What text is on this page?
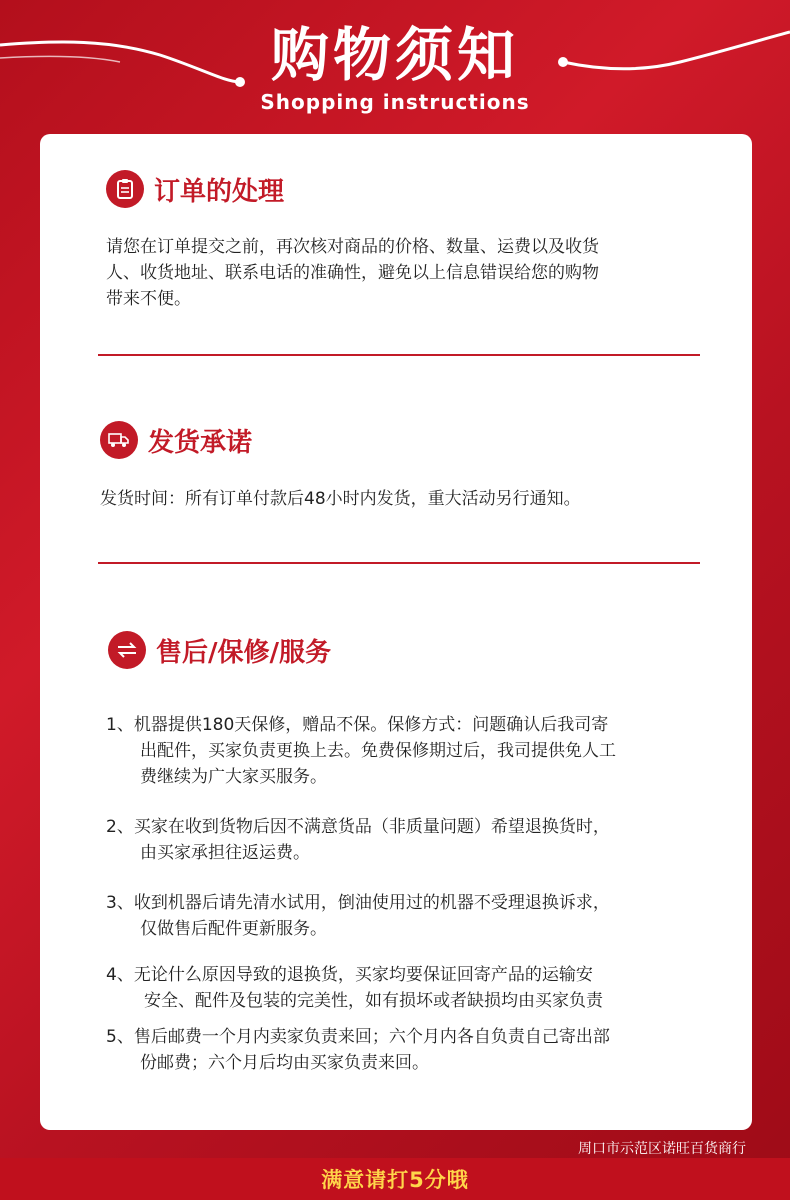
购物须知
Shopping instructions
订单的处理
请您在订单提交之前，再次核对商品的价格、数量、运费以及收货
人、收货地址、联系电话的准确性，避免以上信息错误给您的购物
带来不便。
发货承诺
发货时间：所有订单付款后48小时内发货，重大活动另行通知。
售后/保修/服务
1、机器提供180天保修，赠品不保。保修方式：问题确认后我司寄
出配件，买家负责更换上去。免费保修期过后，我司提供免人工
费继续为广大家买服务。
2、买家在收到货物后因不满意货品（非质量问题）希望退换货时，
由买家承担往返运费。
3、收到机器后请先清水试用，倒油使用过的机器不受理退换诉求，
仅做售后配件更新服务。
4、无论什么原因导致的退换货，买家均要保证回寄产品的运输安
安全、配件及包装的完美性，如有损坏或者缺损均由买家负责
5、售后邮费一个月内卖家负责来回；六个月内各自负责自己寄出部
份邮费；六个月后均由买家负责来回。
周口市示范区诺旺百货商行
满意请打5分哦
